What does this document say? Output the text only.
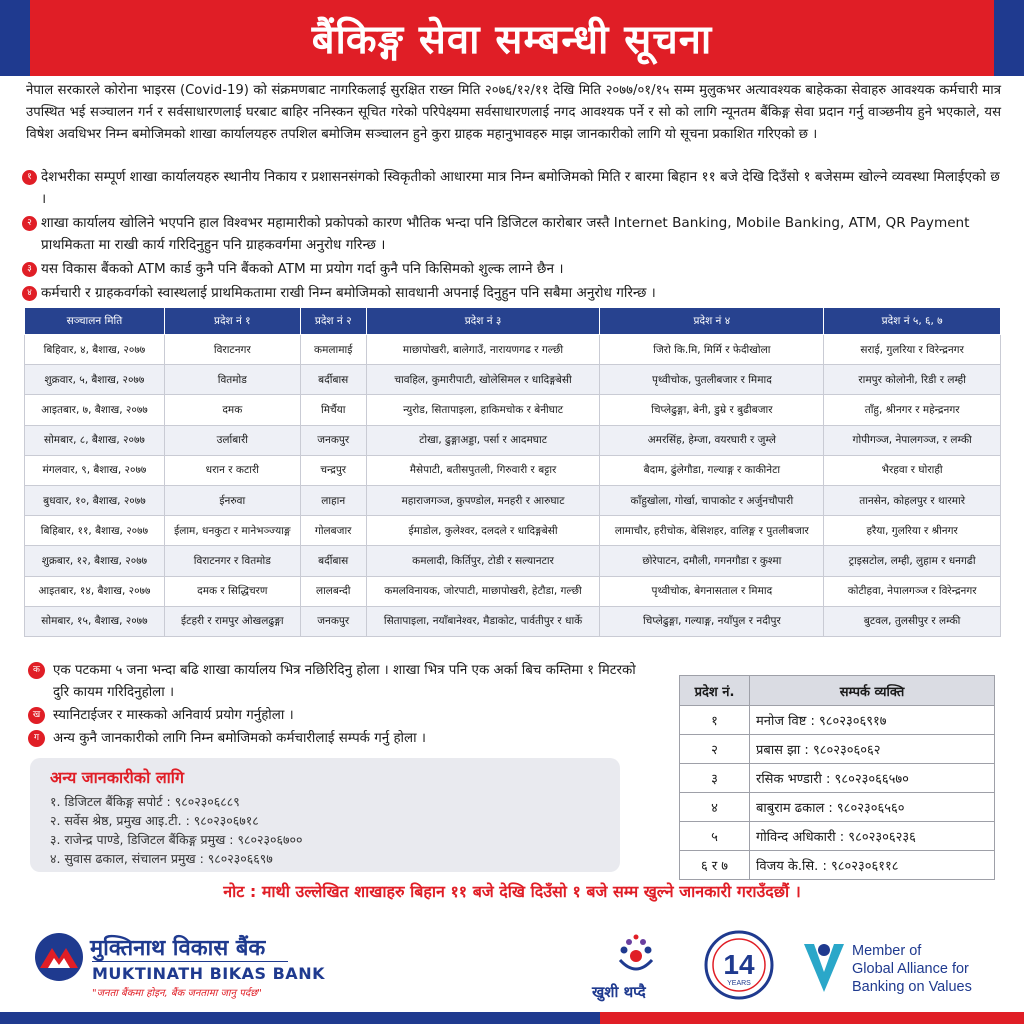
बैंकिङ्ग सेवा सम्बन्धी सूचना

नेपाल सरकारले कोरोना भाइरस (Covid-19) को संक्रमणबाट नागरिकलाई सुरक्षित राख्न मिति २०७६/१२/११ देखि मिति २०७७/०१/१५ सम्म मुलुकभर अत्यावश्यक बाहेकका सेवाहरु आवश्यक कर्मचारी मात्र उपस्थित भई सञ्चालन गर्न र सर्वसाधारणलाई घरबाट बाहिर ननिस्कन सूचित गरेको परिपेक्ष्यमा सर्वसाधारणलाई नगद आवश्यक पर्ने र सो को लागि न्यूनतम बैंकिङ्ग सेवा प्रदान गर्नु वाञ्छनीय हुने भएकाले, यस विषेश अवधिभर निम्न बमोजिमको शाखा कार्यालयहरु तपशिल बमोजिम सञ्चालन हुने कुरा ग्राहक महानुभावहरु माझ जानकारीको लागि यो सूचना प्रकाशित गरिएको छ ।

१ देशभरीका सम्पूर्ण शाखा कार्यालयहरु स्थानीय निकाय र प्रशासनसंगको स्विकृतीको आधारमा मात्र निम्न बमोजिमको मिति र बारमा बिहान ११ बजे देखि दिउँसो १ बजेसम्म खोल्ने व्यवस्था मिलाईएको छ ।
२ शाखा कार्यालय खोलिने भएपनि हाल विश्वभर महामारीको प्रकोपको कारण भौतिक भन्दा पनि डिजिटल कारोबार जस्तै Internet Banking, Mobile Banking, ATM, QR Payment प्राथमिकता मा राखी कार्य गरिदिनुहुन पनि ग्राहकवर्गमा अनुरोध गरिन्छ ।
३ यस विकास बैंकको ATM कार्ड कुनै पनि बैंकको ATM मा प्रयोग गर्दा कुनै पनि किसिमको शुल्क लाग्ने छैन ।
४ कर्मचारी र ग्राहकवर्गको स्वास्थलाई प्राथमिकतामा राखी निम्न बमोजिमको सावधानी अपनाई दिनुहुन पनि सबैमा अनुरोध गरिन्छ ।
सञ्चालन मिति	प्रदेश नं १	प्रदेश नं २	प्रदेश नं ३	प्रदेश नं ४	प्रदेश नं ५, ६, ७
बिहिवार, ४, बैशाख, २०७७	विराटनगर	कमलामाई	माछापोखरी, बालेगाउँ, नारायणगढ र गल्छी	जिरो कि.मि, मिर्मि र फेदीखोला	सराई, गुलरिया र विरेन्द्रनगर
शुक्रवार, ५, बैशाख, २०७७	वितमोड	बर्दीबास	चावहिल, कुमारीपाटी, खोलेसिमल र धादिङ्गबेसी	पृथ्वीचोक, पुतलीबजार र मिमाद	रामपुर कोलोनी, रिडी र लम्ही
आइतबार, ७, बैशाख, २०७७	दमक	मिर्चैया	न्युरोड, सितापाइला, हाकिमचोक र बेनीघाट	चिप्लेढुङ्गा, बेनी, डुम्रे र बुढीबजार	ताँहु, श्रीनगर र महेन्द्रनगर
सोमबार, ८, बैशाख, २०७७	उर्लाबारी	जनकपुर	टोखा, ढुङ्गाअड्डा, पर्सा र आदमघाट	अमरसिंह, हेम्जा, वयरघारी र जुम्ले	गोपीगञ्ज, नेपालगञ्ज, र लम्की
मंगलवार, ९, बैशाख, २०७७	धरान र कटारी	चन्द्रपुर	मैसेपाटी, बतीसपुतली, गिरुवारी र बट्टार	बैदाम, ढुंलेगौडा, गल्याङ्ग र काकीनेटा	भैरहवा र घोराही
बुधवार, १०, बैशाख, २०७७	ईनरुवा	लाहान	महाराजगञ्ज, कुपण्डोल, मनहरी र आरुघाट	काँहुखोला, गोर्खा, चापाकोट र अर्जुनचौपारी	तानसेन, कोहलपुर र थारमारे
बिहिबार, ११, बैशाख, २०७७	ईलाम, धनकुटा र मानेभञ्ज्याङ्ग	गोलबजार	ईमाडोल, कुलेश्वर, दलदले र धादिङ्गबेसी	लामाचौर, हरीचोक, बेसिशहर, वालिङ्ग र पुतलीबजार	हरैया, गुलरिया र श्रीनगर
शुक्रबार, १२, बैशाख, २०७७	विराटनगर र वितमोड	बर्दीबास	कमलादी, किर्तिपुर, टोडी र सल्यानटार	छोरेपाटन, दमौली, गगनगौडा र कुश्मा	ट्राइसटोल, लम्ही, लुहाम र धनगढी
आइतबार, १४, बैशाख, २०७७	दमक र सिद्धिचरण	लालबन्दी	कमलविनायक, जोरपाटी, माछापोखरी, हेटौडा, गल्छी	पृथ्वीचोक, बेगनासताल र मिमाद	कोटीहवा, नेपालगञ्ज र विरेन्द्रनगर
सोमबार, १५, बैशाख, २०७७	ईटहरी र रामपुर ओखलढुङ्गा	जनकपुर	सितापाइला, नयाँबानेश्वर, मैडाकोट, पार्वतीपुर र धार्के	चिप्लेढुङ्गा, गल्याङ्ग, नयाँपुल र नदीपुर	बुटवल, तुलसीपुर र लम्की
क एक पटकमा ५ जना भन्दा बढि शाखा कार्यालय भित्र नछिरिदिनु होला । शाखा भित्र पनि एक अर्का बिच कम्तिमा १ मिटरको दुरि कायम गरिदिनुहोला ।
ख स्यानिटाईजर र मास्कको अनिवार्य प्रयोग गर्नुहोला ।
ग	अन्य कुनै जानकारीको लागि निम्न बमोजिमको कर्मचारीलाई सम्पर्क गर्नु होला ।
अन्य जानकारीको लागि
१. डिजिटल बैंकिङ्ग सपोर्ट : ९८०२३०६८८९
२. सर्वेस श्रेष्ठ, प्रमुख आइ.टी. : ९८०२३०६७१८
३. राजेन्द्र पाण्डे, डिजिटल बैंकिङ्ग प्रमुख : ९८०२३०६७००
४. सुवास ढकाल, संचालन प्रमुख : ९८०२३०६६९७
प्रदेश नं.	सम्पर्क व्यक्ति
१	मनोज विष्ट : ९८०२३०६९१७
२	प्रबास झा : ९८०२३०६०६२
३	रसिक भण्डारी : ९८०२३०६६५७०
४	बाबुराम ढकाल : ९८०२३०६५६०
५	गोविन्द अधिकारी : ९८०२३०६२३६
६ र ७	विजय के.सि. : ९८०२३०६११८
नोट : माथी उल्लेखित शाखाहरु बिहान ११ बजे देखि दिउँसो १ बजे सम्म खुल्ने जानकारी गराउँदछौं ।
मुक्तिनाथ विकास बैंक
MUKTINATH BIKAS BANK
"जनता बैंकमा होइन, बैंक जनतामा जानु पर्दछ"	खुशी थप्दै
14
YEARS
Member of
Global Alliance for
Banking on Values
